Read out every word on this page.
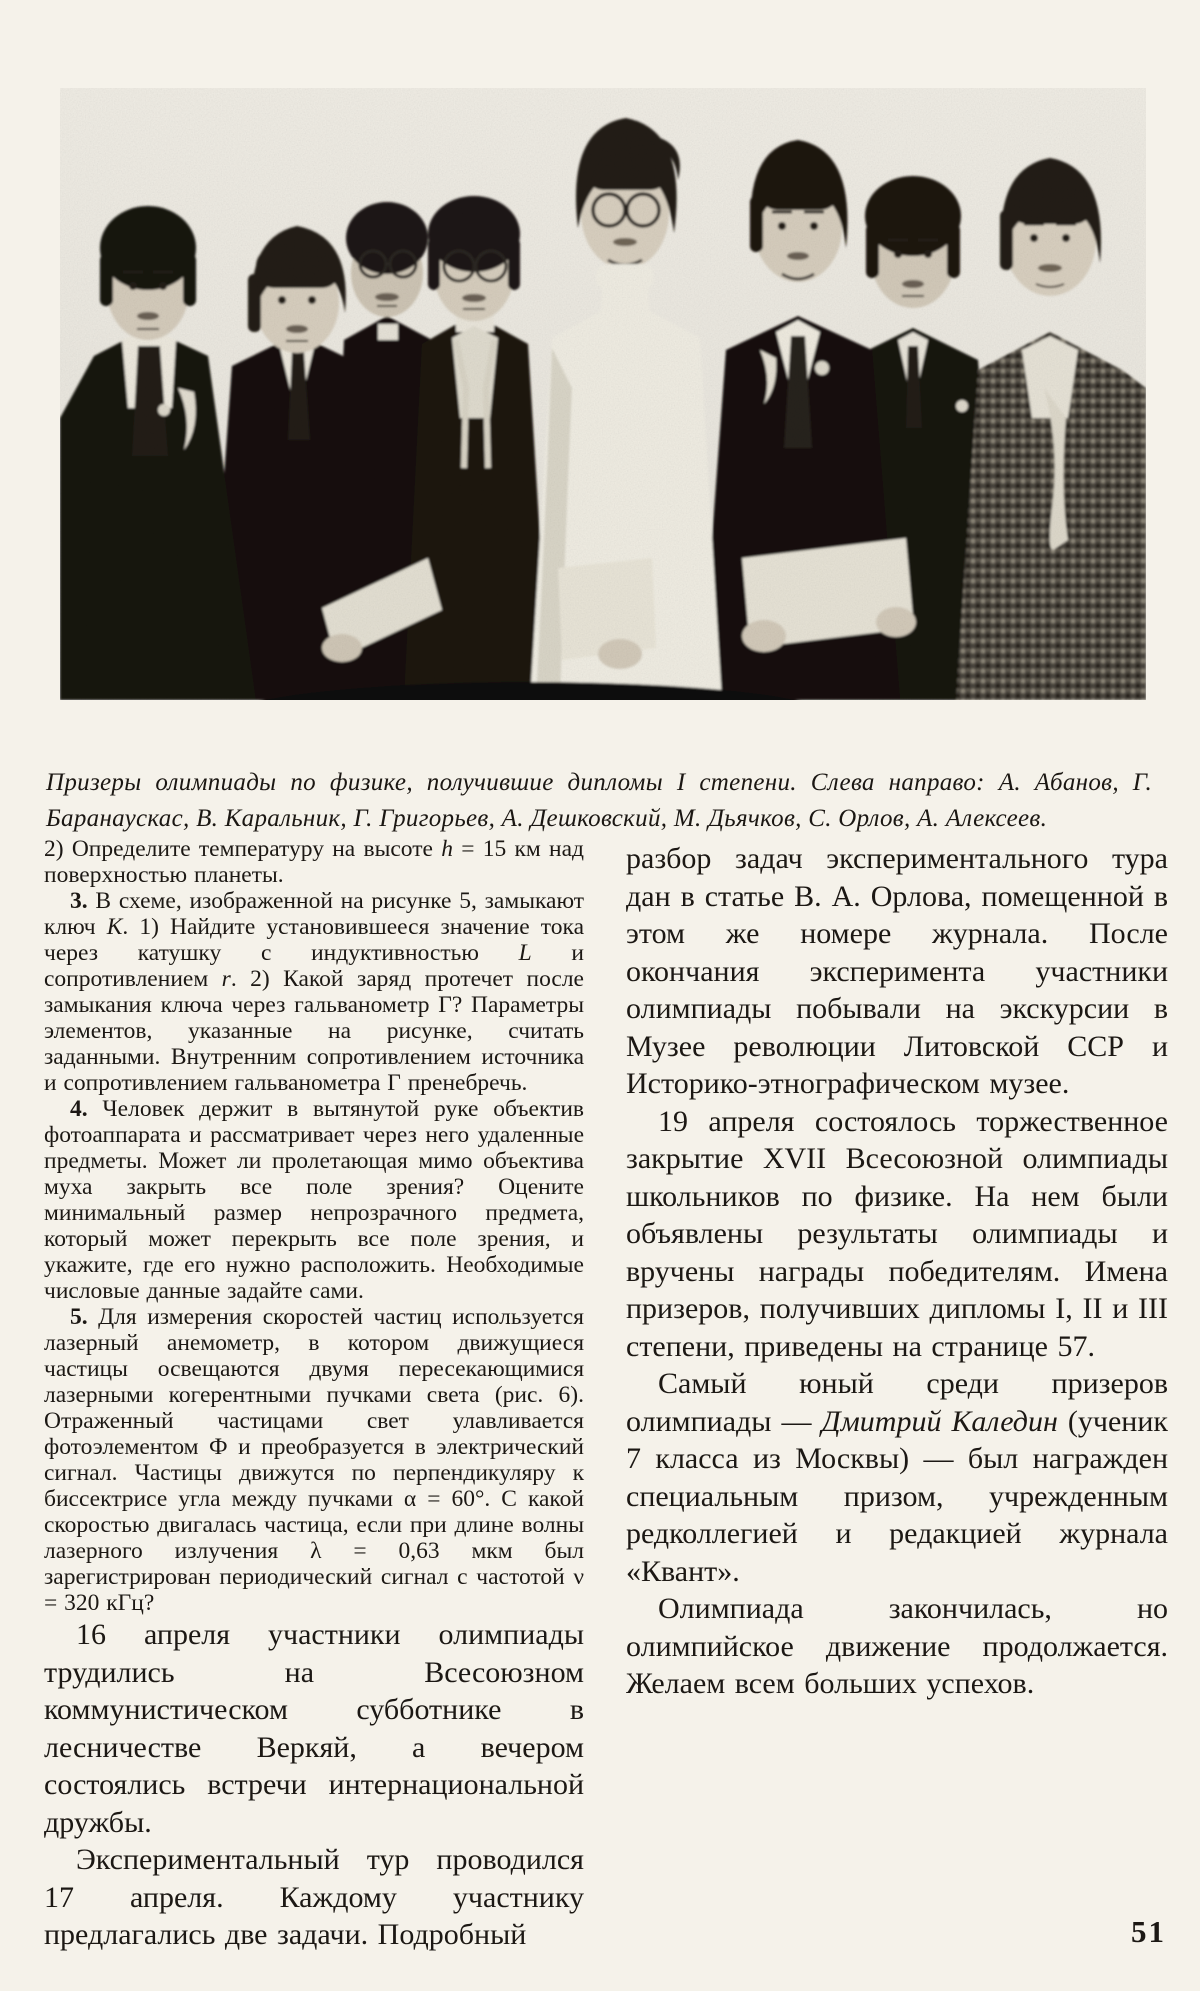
Призеры олимпиады по физике, получившие дипломы I степени. Слева направо: А. Абанов, Г. Баранаускас, В. Каральник, Г. Григорьев, А. Дешковский, М. Дьячков, С. Орлов, А. Алексеев.

2) Определите температуру на высоте h = 15 км над поверхностью планеты.

3. В схеме, изображенной на рисунке 5, замыкают ключ К. 1) Найдите установившееся значение тока через катушку с индуктивностью L и сопротивлением r. 2) Какой заряд протечет после замыкания ключа через гальванометр Г? Параметры элементов, указанные на рисунке, считать заданными. Внутренним сопротивлением источника и сопротивлением гальванометра Г пренебречь.

4. Человек держит в вытянутой руке объектив фотоаппарата и рассматривает через него удаленные предметы. Может ли пролетающая мимо объектива муха закрыть все поле зрения? Оцените минимальный размер непрозрачного предмета, который может перекрыть все поле зрения, и укажите, где его нужно расположить. Необходимые числовые данные задайте сами.

5. Для измерения скоростей частиц используется лазерный анемометр, в котором движущиеся частицы освещаются двумя пересекающимися лазерными когерентными пучками света (рис. 6). Отраженный частицами свет улавливается фотоэлементом Ф и преобразуется в электрический сигнал. Частицы движутся по перпендикуляру к биссектрисе угла между пучками α = 60°. С какой скоростью двигалась частица, если при длине волны лазерного излучения λ = 0,63 мкм был зарегистрирован периодический сигнал с частотой ν = 320 кГц?

16 апреля участники олимпиады трудились на Всесоюзном коммунистическом субботнике в лесничестве Веркяй, а вечером состоялись встречи интернациональной дружбы.

Экспериментальный тур проводился 17 апреля. Каждому участнику предлагались две задачи. Подробный

разбор задач экспериментального тура дан в статье В. А. Орлова, помещенной в этом же номере журнала. После окончания эксперимента участники олимпиады побывали на экскурсии в Музее революции Литовской ССР и Историко-этнографическом музее.

19 апреля состоялось торжественное закрытие XVII Всесоюзной олимпиады школьников по физике. На нем были объявлены результаты олимпиады и вручены награды победителям. Имена призеров, получивших дипломы I, II и III степени, приведены на странице 57.

Самый юный среди призеров олимпиады — Дмитрий Каледин (ученик 7 класса из Москвы) — был награжден специальным призом, учрежденным редколлегией и редакцией журнала «Квант».

Олимпиада закончилась, но олимпийское движение продолжается. Желаем всем больших успехов.

51
